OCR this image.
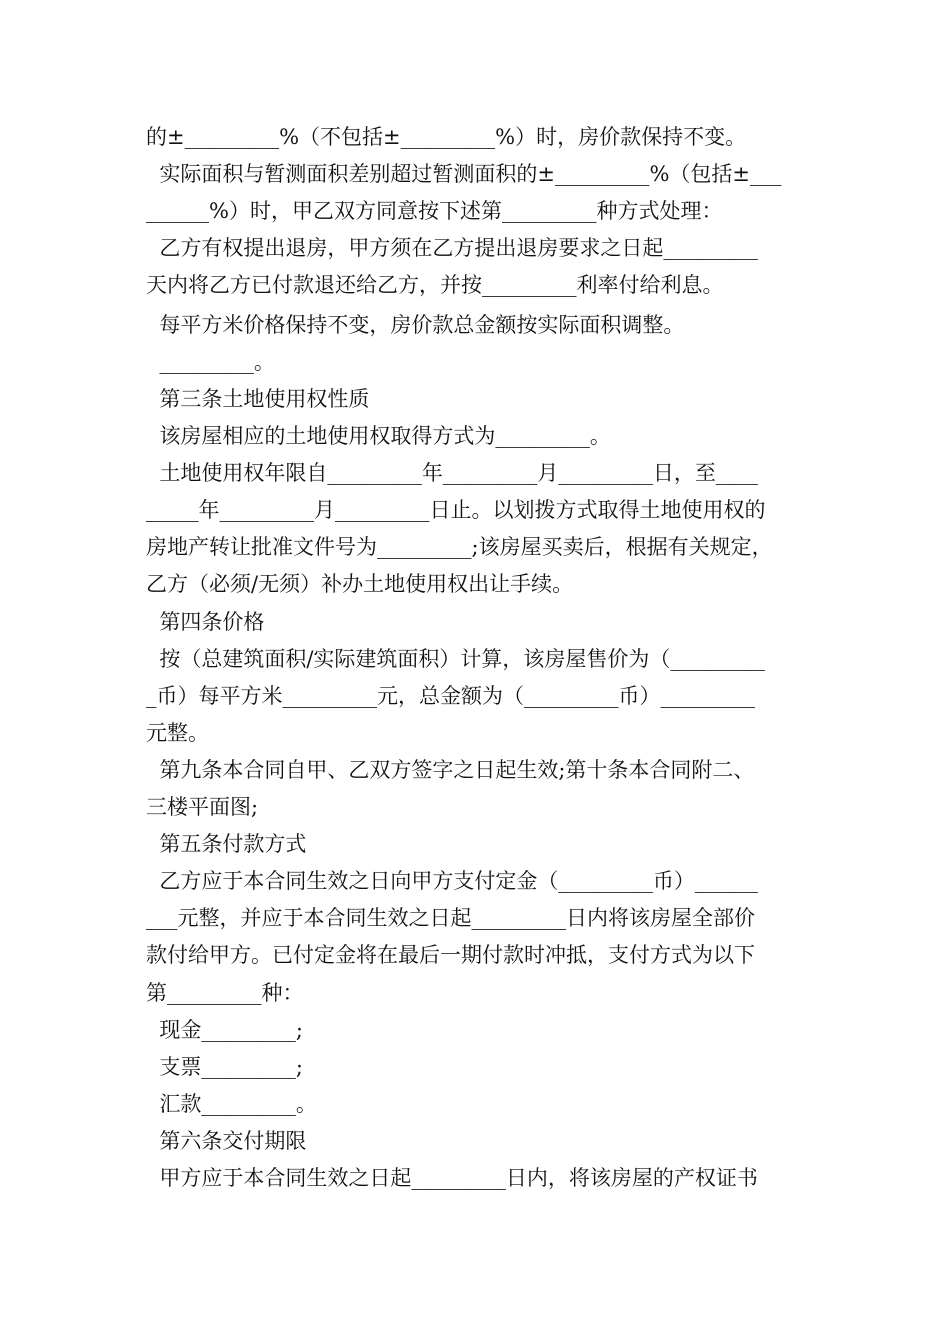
的±_________%（不包括±_________%）时，房价款保持不变。
实际面积与暂测面积差别超过暂测面积的±_________%（包括±___
______%）时，甲乙双方同意按下述第_________种方式处理：
乙方有权提出退房，甲方须在乙方提出退房要求之日起_________
天内将乙方已付款退还给乙方，并按_________利率付给利息。
每平方米价格保持不变，房价款总金额按实际面积调整。
_________。
第三条土地使用权性质
该房屋相应的土地使用权取得方式为_________。
土地使用权年限自_________年_________月_________日，至____
_____年_________月_________日止。以划拨方式取得土地使用权的
房地产转让批准文件号为_________;该房屋买卖后，根据有关规定，
乙方（必须/无须）补办土地使用权出让手续。
第四条价格
按（总建筑面积/实际建筑面积）计算，该房屋售价为（_________
_币）每平方米_________元，总金额为（_________币）_________
元整。
第九条本合同自甲、乙双方签字之日起生效;第十条本合同附二、
三楼平面图;
第五条付款方式
乙方应于本合同生效之日向甲方支付定金（_________币）______
___元整，并应于本合同生效之日起_________日内将该房屋全部价
款付给甲方。已付定金将在最后一期付款时冲抵，支付方式为以下
第_________种：
现金_________;
支票_________;
汇款_________。
第六条交付期限
甲方应于本合同生效之日起_________日内，将该房屋的产权证书
